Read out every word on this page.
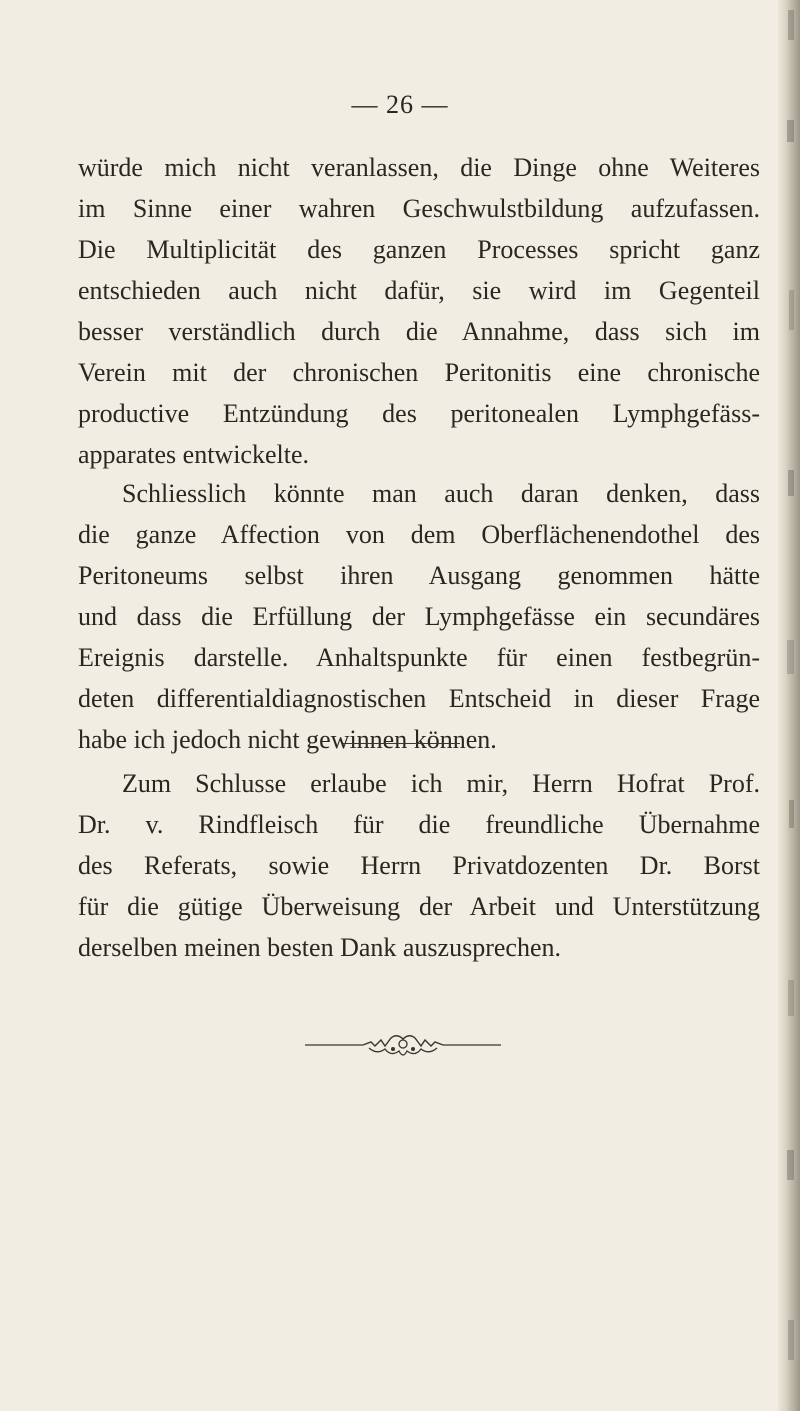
— 26 —
würde mich nicht veranlassen, die Dinge ohne Weiteres
im Sinne einer wahren Geschwulstbildung aufzufassen.
Die Multiplicität des ganzen Processes spricht ganz
entschieden auch nicht dafür, sie wird im Gegenteil
besser verständlich durch die Annahme, dass sich im
Verein mit der chronischen Peritonitis eine chronische
productive Entzündung des peritonealen Lymphgefäss-
apparates entwickelte.
Schliesslich könnte man auch daran denken, dass
die ganze Affection von dem Oberflächenendothel des
Peritoneums selbst ihren Ausgang genommen hätte
und dass die Erfüllung der Lymphgefässe ein secundäres
Ereignis darstelle. Anhaltspunkte für einen festbegrün-
deten differentialdiagnostischen Entscheid in dieser Frage
habe ich jedoch nicht gewinnen können.
Zum Schlusse erlaube ich mir, Herrn Hofrat Prof.
Dr. v. Rindfleisch für die freundliche Übernahme
des Referats, sowie Herrn Privatdozenten Dr. Borst
für die gütige Überweisung der Arbeit und Unterstützung
derselben meinen besten Dank auszusprechen.
